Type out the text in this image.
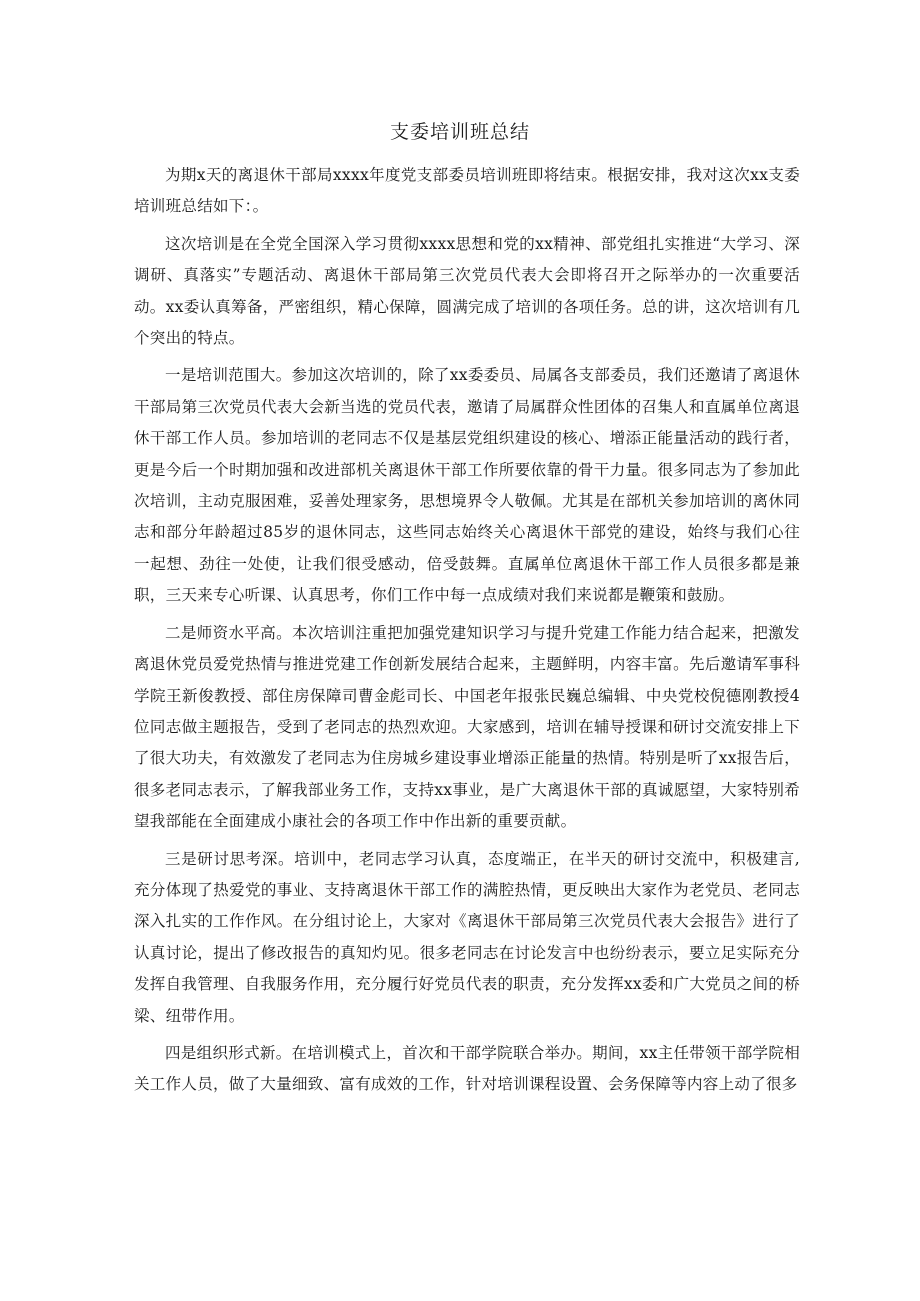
支委培训班总结

为期x天的离退休干部局xxxx年度党支部委员培训班即将结束。根据安排，我对这次xx支委培训班总结如下：。

这次培训是在全党全国深入学习贯彻xxxx思想和党的xx精神、部党组扎实推进“大学习、深调研、真落实”专题活动、离退休干部局第三次党员代表大会即将召开之际举办的一次重要活动。xx委认真筹备，严密组织，精心保障，圆满完成了培训的各项任务。总的讲，这次培训有几个突出的特点。

一是培训范围大。参加这次培训的，除了xx委委员、局属各支部委员，我们还邀请了离退休干部局第三次党员代表大会新当选的党员代表，邀请了局属群众性团体的召集人和直属单位离退休干部工作人员。参加培训的老同志不仅是基层党组织建设的核心、增添正能量活动的践行者，更是今后一个时期加强和改进部机关离退休干部工作所要依靠的骨干力量。很多同志为了参加此次培训，主动克服困难，妥善处理家务，思想境界令人敬佩。尤其是在部机关参加培训的离休同志和部分年龄超过85岁的退休同志，这些同志始终关心离退休干部党的建设，始终与我们心往一起想、劲往一处使，让我们很受感动，倍受鼓舞。直属单位离退休干部工作人员很多都是兼职，三天来专心听课、认真思考，你们工作中每一点成绩对我们来说都是鞭策和鼓励。

二是师资水平高。本次培训注重把加强党建知识学习与提升党建工作能力结合起来，把激发离退休党员爱党热情与推进党建工作创新发展结合起来，主题鲜明，内容丰富。先后邀请军事科学院王新俊教授、部住房保障司曹金彪司长、中国老年报张民巍总编辑、中央党校倪德刚教授4位同志做主题报告，受到了老同志的热烈欢迎。大家感到，培训在辅导授课和研讨交流安排上下了很大功夫，有效激发了老同志为住房城乡建设事业增添正能量的热情。特别是听了xx报告后，很多老同志表示，了解我部业务工作，支持xx事业，是广大离退休干部的真诚愿望，大家特别希望我部能在全面建成小康社会的各项工作中作出新的重要贡献。

三是研讨思考深。培训中，老同志学习认真，态度端正，在半天的研讨交流中，积极建言,充分体现了热爱党的事业、支持离退休干部工作的满腔热情，更反映出大家作为老党员、老同志深入扎实的工作作风。在分组讨论上，大家对《离退休干部局第三次党员代表大会报告》进行了认真讨论，提出了修改报告的真知灼见。很多老同志在讨论发言中也纷纷表示，要立足实际充分发挥自我管理、自我服务作用，充分履行好党员代表的职责，充分发挥xx委和广大党员之间的桥梁、纽带作用。

四是组织形式新。在培训模式上，首次和干部学院联合举办。期间，xx主任带领干部学院相关工作人员，做了大量细致、富有成效的工作，针对培训课程设置、会务保障等内容上动了很多
